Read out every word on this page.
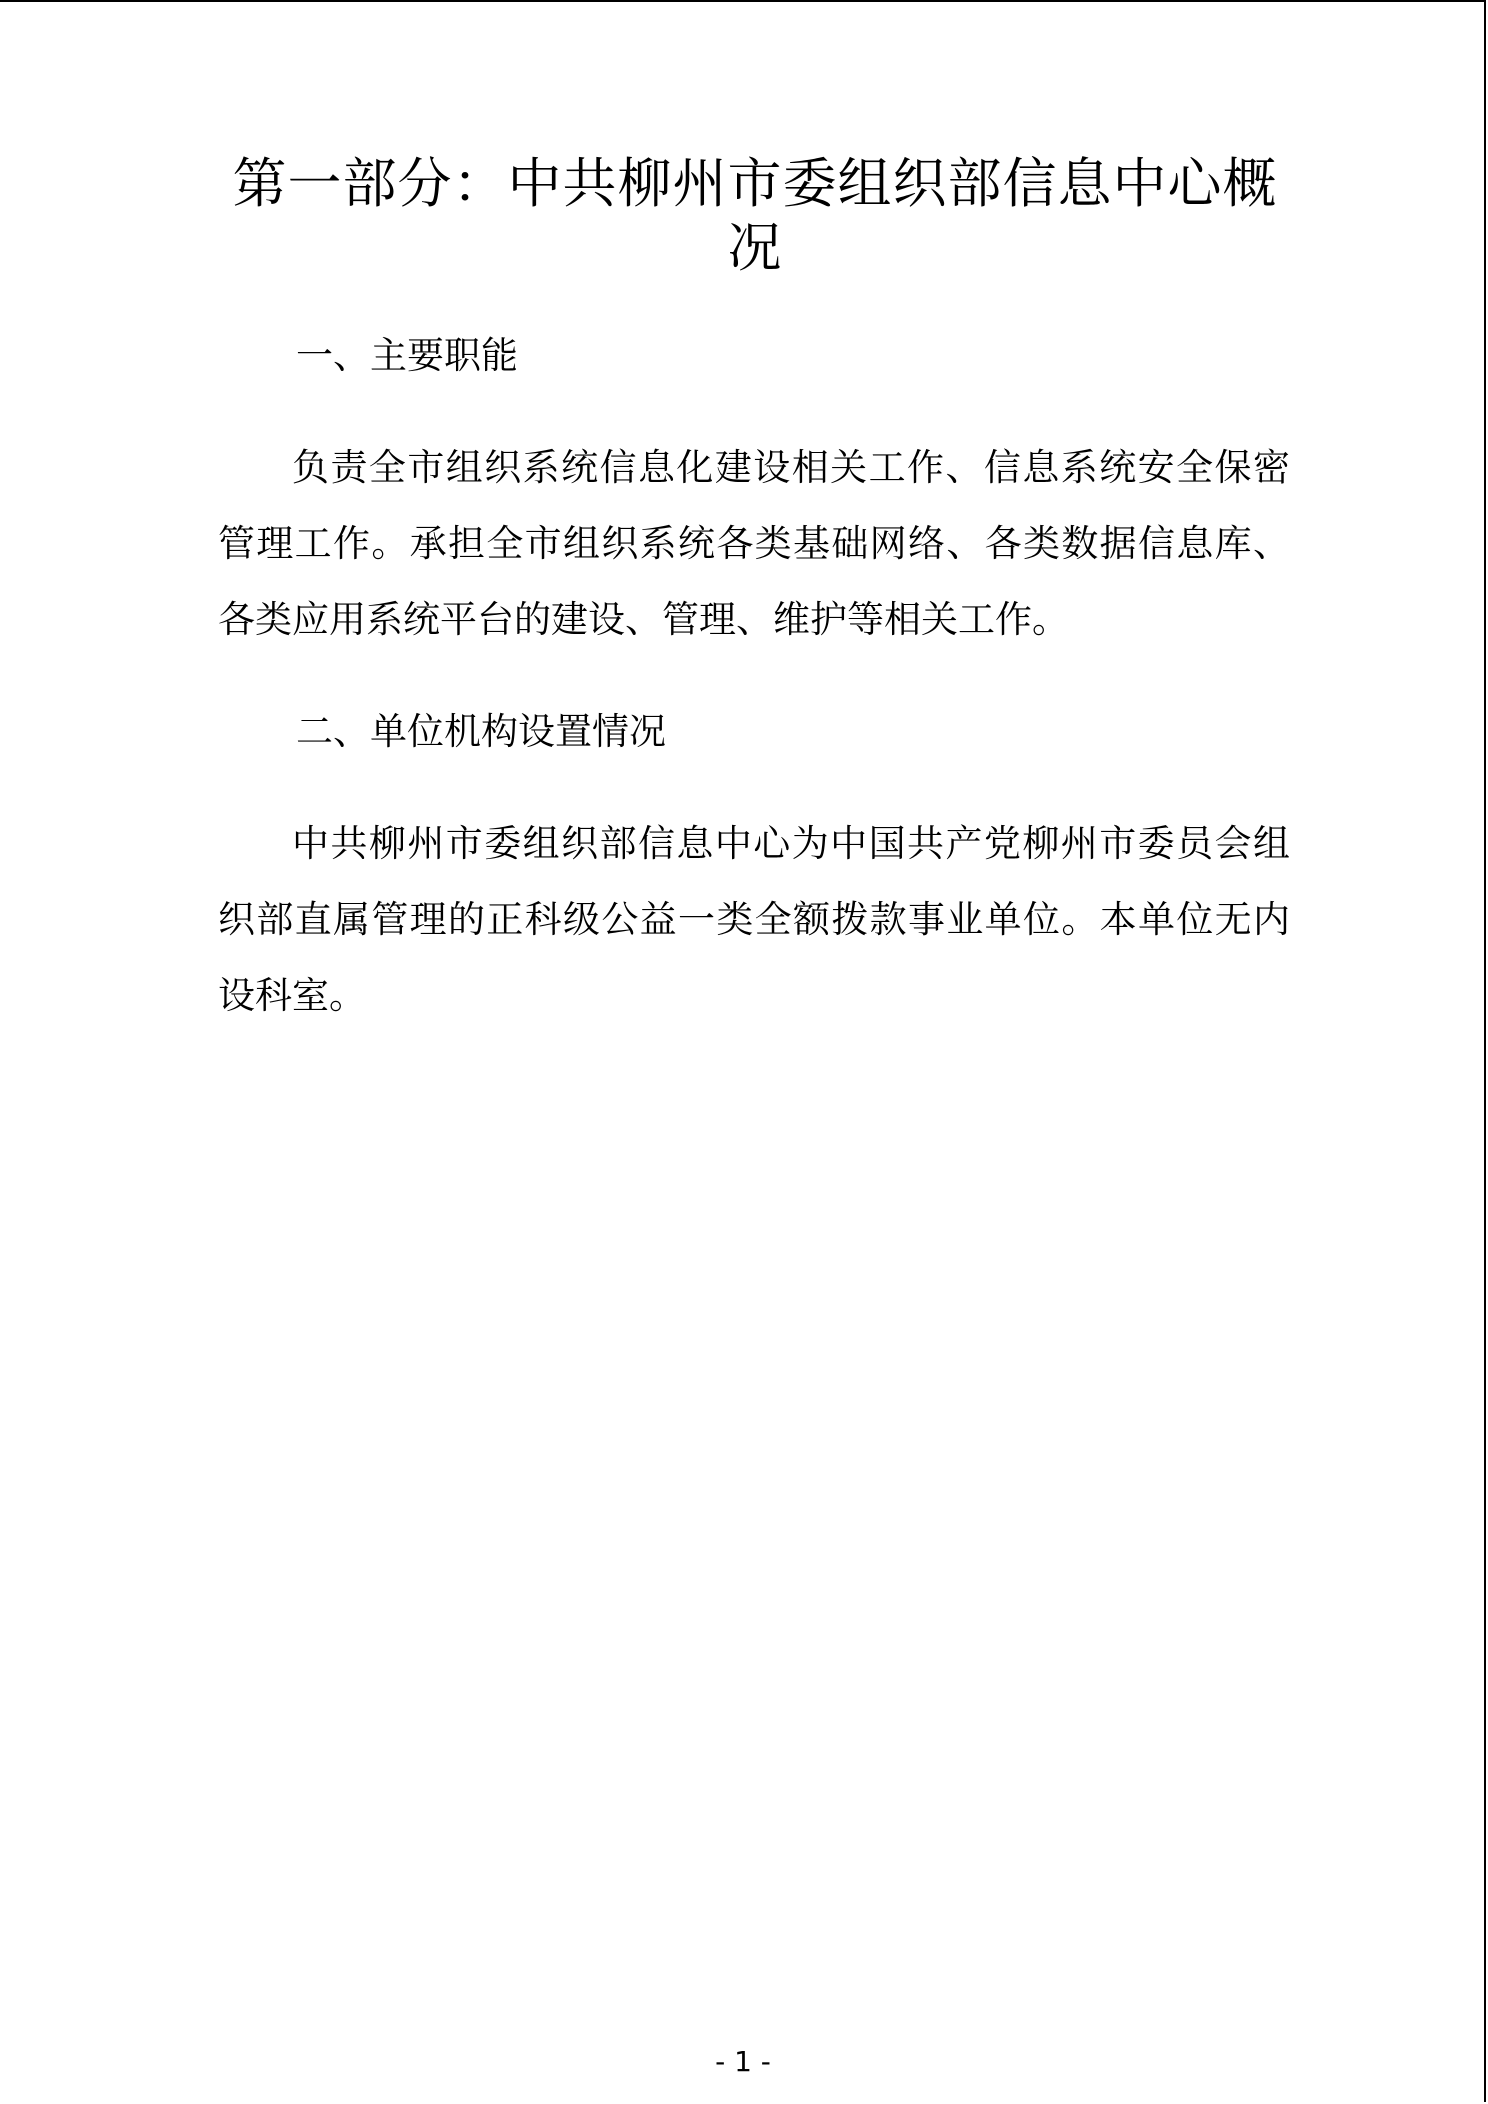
第一部分：中共柳州市委组织部信息中心概况
一、主要职能

负责全市组织系统信息化建设相关工作、信息系统安全保密管理工作。承担全市组织系统各类基础网络、各类数据信息库、各类应用系统平台的建设、管理、维护等相关工作。

二、单位机构设置情况

中共柳州市委组织部信息中心为中国共产党柳州市委员会组织部直属管理的正科级公益一类全额拨款事业单位。本单位无内设科室。

- 1 -
